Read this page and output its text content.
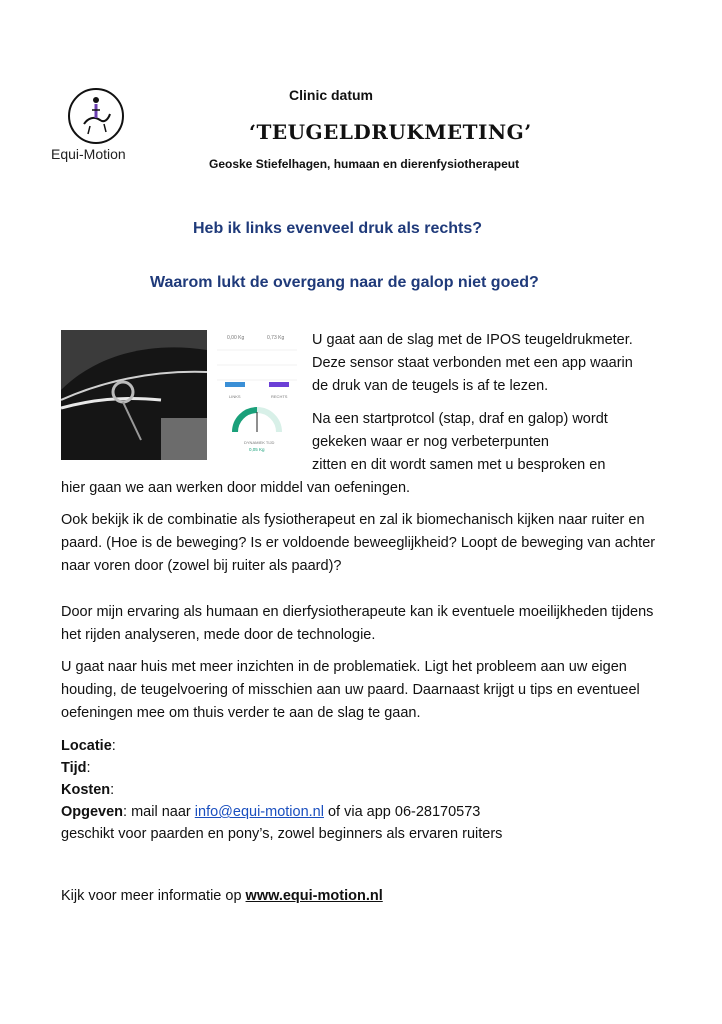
Equi-Motion
Clinic datum
‘TEUGELDRUKMETING’
Geoske Stiefelhagen, humaan en dierenfysiotherapeut
Heb ik links evenveel druk als rechts?
Waarom lukt de overgang naar de galop niet goed?
0,00 Kg	0,73 Kg
LINKS	RECHTS
DYNAMIEK TIJD
0,05 Kg
U gaat aan de slag met de IPOS teugeldrukmeter.
Deze sensor staat verbonden met een app waarin
de druk van de teugels is af te lezen.
Na een startprotcol (stap, draf en galop) wordt
gekeken waar er nog verbeterpunten
zitten en dit wordt samen met u besproken en
hier gaan we aan werken door middel van oefeningen.
Ook bekijk ik de combinatie als fysiotherapeut en zal ik biomechanisch kijken naar ruiter en paard. (Hoe is de beweging? Is er voldoende beweeglijkheid? Loopt de beweging van achter naar voren door (zowel bij ruiter als paard)?
Door mijn ervaring als humaan en dierfysiotherapeute kan ik eventuele moeilijkheden tijdens het rijden analyseren, mede door de technologie.
U gaat naar huis met meer inzichten in de problematiek. Ligt het probleem aan uw eigen houding, de teugelvoering of misschien aan uw paard. Daarnaast krijgt u tips en eventueel oefeningen mee om thuis verder te aan de slag te gaan.
Locatie:
Tijd:
Kosten:
Opgeven: mail naar info@equi-motion.nl of via app 06-28170573
geschikt voor paarden en pony’s, zowel beginners als ervaren ruiters
Kijk voor meer informatie op www.equi-motion.nl
